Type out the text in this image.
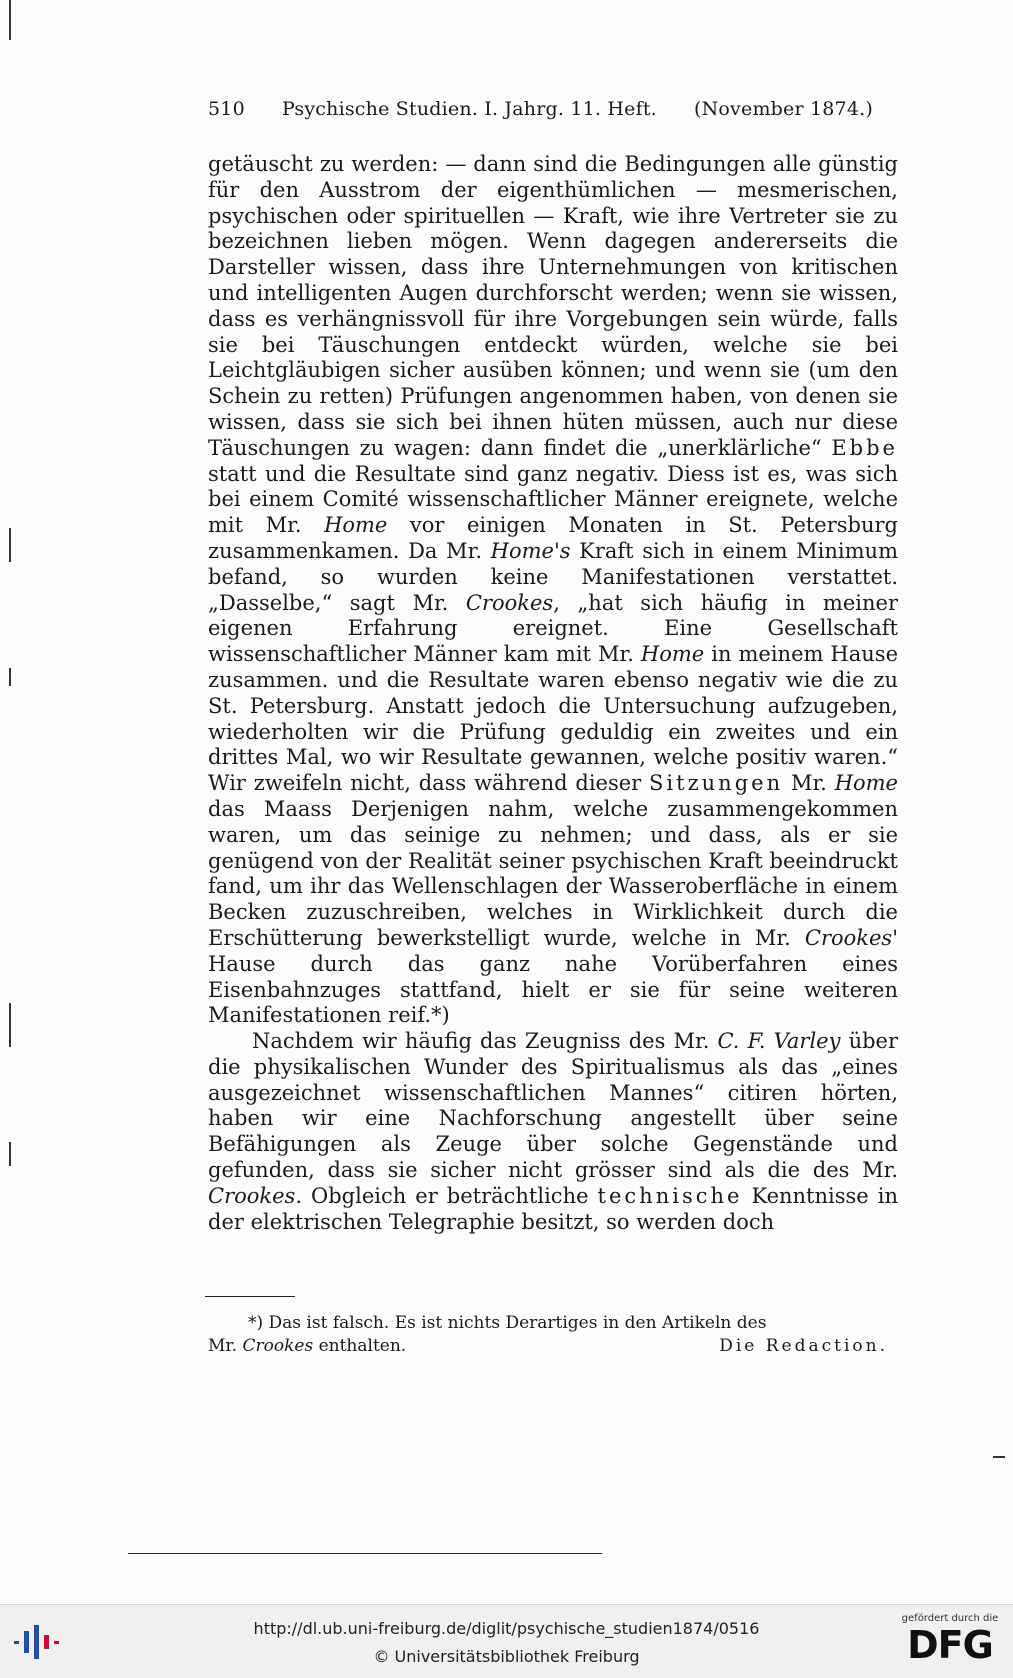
510 Psychische Studien. I. Jahrg. 11. Heft. (November 1874.)

getäuscht zu werden: — dann sind die Bedingungen alle günstig für den Ausstrom der eigenthümlichen — mesmerischen, psychischen oder spirituellen — Kraft, wie ihre Vertreter sie zu bezeichnen lieben mögen. Wenn dagegen andererseits die Darsteller wissen, dass ihre Unternehmungen von kritischen und intelligenten Augen durchforscht werden; wenn sie wissen, dass es verhängnissvoll für ihre Vorgebungen sein würde, falls sie bei Täuschungen entdeckt würden, welche sie bei Leichtgläubigen sicher ausüben können; und wenn sie (um den Schein zu retten) Prüfungen angenommen haben, von denen sie wissen, dass sie sich bei ihnen hüten müssen, auch nur diese Täuschungen zu wagen: dann findet die „unerklärliche“ Ebbe statt und die Resultate sind ganz negativ. Diess ist es, was sich bei einem Comité wissenschaftlicher Männer ereignete, welche mit Mr. Home vor einigen Monaten in St. Petersburg zusammenkamen. Da Mr. Home's Kraft sich in einem Minimum befand, so wurden keine Manifestationen verstattet. „Dasselbe,“ sagt Mr. Crookes, „hat sich häufig in meiner eigenen Erfahrung ereignet. Eine Gesellschaft wissenschaftlicher Männer kam mit Mr. Home in meinem Hause zusammen. und die Resultate waren ebenso negativ wie die zu St. Petersburg. Anstatt jedoch die Untersuchung aufzugeben, wiederholten wir die Prüfung geduldig ein zweites und ein drittes Mal, wo wir Resultate gewannen, welche positiv waren.“ Wir zweifeln nicht, dass während dieser Sitzungen Mr. Home das Maass Derjenigen nahm, welche zusammengekommen waren, um das seinige zu nehmen; und dass, als er sie genügend von der Realität seiner psychischen Kraft beeindruckt fand, um ihr das Wellenschlagen der Wasseroberfläche in einem Becken zuzuschreiben, welches in Wirklichkeit durch die Erschütterung bewerkstelligt wurde, welche in Mr. Crookes' Hause durch das ganz nahe Vorüberfahren eines Eisenbahnzuges stattfand, hielt er sie für seine weiteren Manifestationen reif.*)

Nachdem wir häufig das Zeugniss des Mr. C. F. Varley über die physikalischen Wunder des Spiritualismus als das „eines ausgezeichnet wissenschaftlichen Mannes“ citiren hörten, haben wir eine Nachforschung angestellt über seine Befähigungen als Zeuge über solche Gegenstände und gefunden, dass sie sicher nicht grösser sind als die des Mr. Crookes. Obgleich er beträchtliche technische Kenntnisse in der elektrischen Telegraphie besitzt, so werden doch

*) Das ist falsch. Es ist nichts Derartiges in den Artikeln des
Mr. Crookes enthalten.	Die Redaction.
http://dl.ub.uni-freiburg.de/diglit/psychische_studien1874/0516
© Universitätsbibliothek Freiburg
gefördert durch die
DFG
